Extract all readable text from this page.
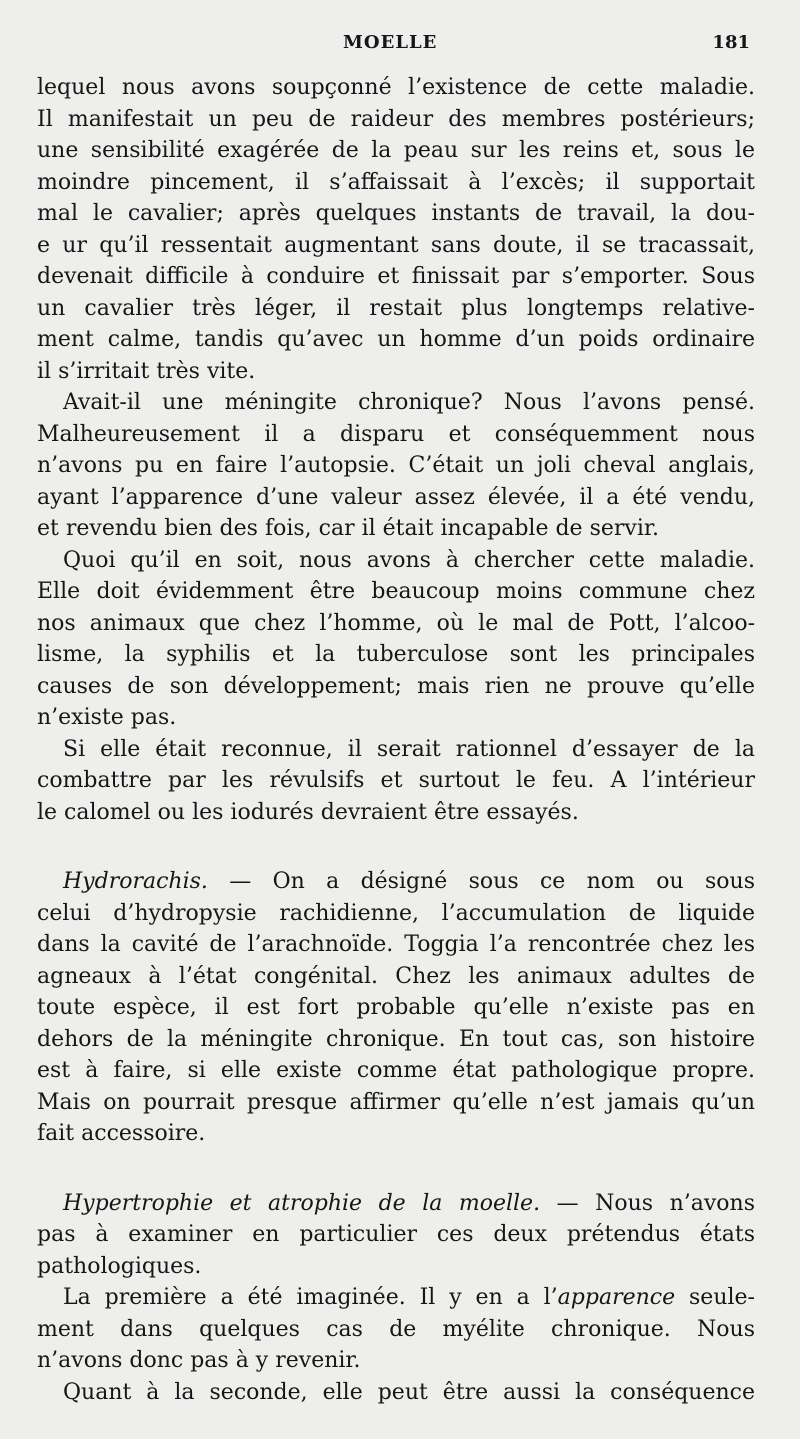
MOELLE	181
lequel nous avons soupçonné l’existence de cette maladie.
Il manifestait un peu de raideur des membres postérieurs;
une sensibilité exagérée de la peau sur les reins et, sous le
moindre pincement, il s’affaissait à l’excès; il supportait
mal le cavalier; après quelques instants de travail, la dou-
e ur qu’il ressentait augmentant sans doute, il se tracassait,
devenait difficile à conduire et finissait par s’emporter. Sous
un cavalier très léger, il restait plus longtemps relative-
ment calme, tandis qu’avec un homme d’un poids ordinaire
il s’irritait très vite.
Avait-il une méningite chronique? Nous l’avons pensé.
Malheureusement il a disparu et conséquemment nous
n’avons pu en faire l’autopsie. C’était un joli cheval anglais,
ayant l’apparence d’une valeur assez élevée, il a été vendu,
et revendu bien des fois, car il était incapable de servir.
Quoi qu’il en soit, nous avons à chercher cette maladie.
Elle doit évidemment être beaucoup moins commune chez
nos animaux que chez l’homme, où le mal de Pott, l’alcoo-
lisme, la syphilis et la tuberculose sont les principales
causes de son développement; mais rien ne prouve qu’elle
n’existe pas.
Si elle était reconnue, il serait rationnel d’essayer de la
combattre par les révulsifs et surtout le feu. A l’intérieur
le calomel ou les iodurés devraient être essayés.
Hydrorachis. — On a désigné sous ce nom ou sous
celui d’hydropysie rachidienne, l’accumulation de liquide
dans la cavité de l’arachnoïde. Toggia l’a rencontrée chez les
agneaux à l’état congénital. Chez les animaux adultes de
toute espèce, il est fort probable qu’elle n’existe pas en
dehors de la méningite chronique. En tout cas, son histoire
est à faire, si elle existe comme état pathologique propre.
Mais on pourrait presque affirmer qu’elle n’est jamais qu’un
fait accessoire.
Hypertrophie et atrophie de la moelle. — Nous n’avons
pas à examiner en particulier ces deux prétendus états
pathologiques.
La première a été imaginée. Il y en a l’apparence seule-
ment dans quelques cas de myélite chronique. Nous
n’avons donc pas à y revenir.
Quant à la seconde, elle peut être aussi la conséquence
